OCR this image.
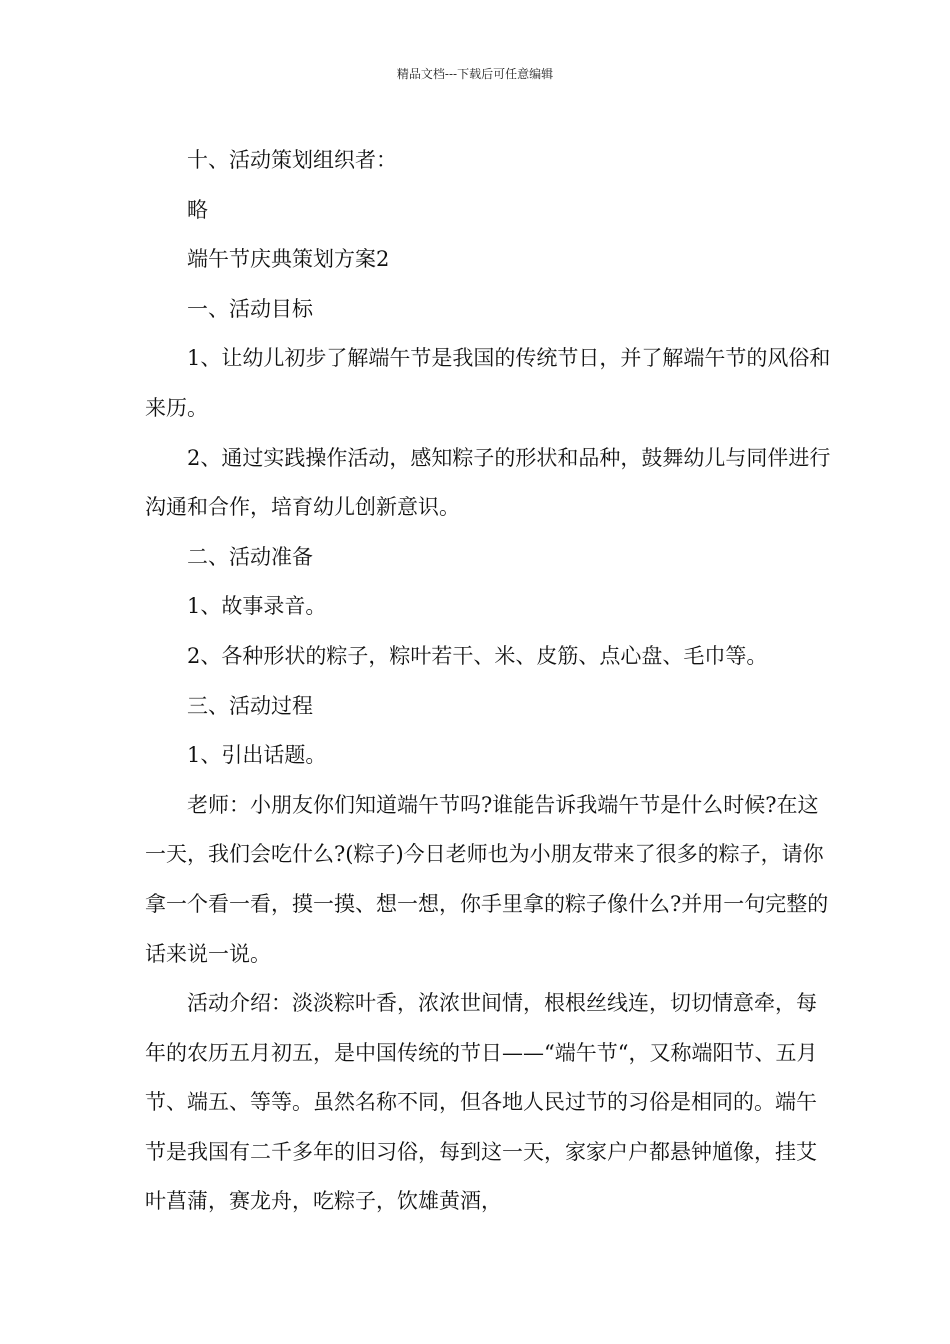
精品文档---下载后可任意编辑

十、活动策划组织者：

略

端午节庆典策划方案2

一、活动目标

1、让幼儿初步了解端午节是我国的传统节日，并了解端午节的风俗和来历。

2、通过实践操作活动，感知粽子的形状和品种，鼓舞幼儿与同伴进行沟通和合作，培育幼儿创新意识。

二、活动准备

1、故事录音。

2、各种形状的粽子，粽叶若干、米、皮筋、点心盘、毛巾等。

三、活动过程

1、引出话题。

老师：小朋友你们知道端午节吗?谁能告诉我端午节是什么时候?在这一天，我们会吃什么?(粽子)今日老师也为小朋友带来了很多的粽子，请你拿一个看一看，摸一摸、想一想，你手里拿的粽子像什么?并用一句完整的话来说一说。

活动介绍：淡淡粽叶香，浓浓世间情，根根丝线连，切切情意牵，每年的农历五月初五，是中国传统的节日——“端午节“，又称端阳节、五月节、端五、等等。虽然名称不同，但各地人民过节的习俗是相同的。端午节是我国有二千多年的旧习俗，每到这一天，家家户户都悬钟馗像，挂艾叶菖蒲，赛龙舟，吃粽子，饮雄黄酒，
